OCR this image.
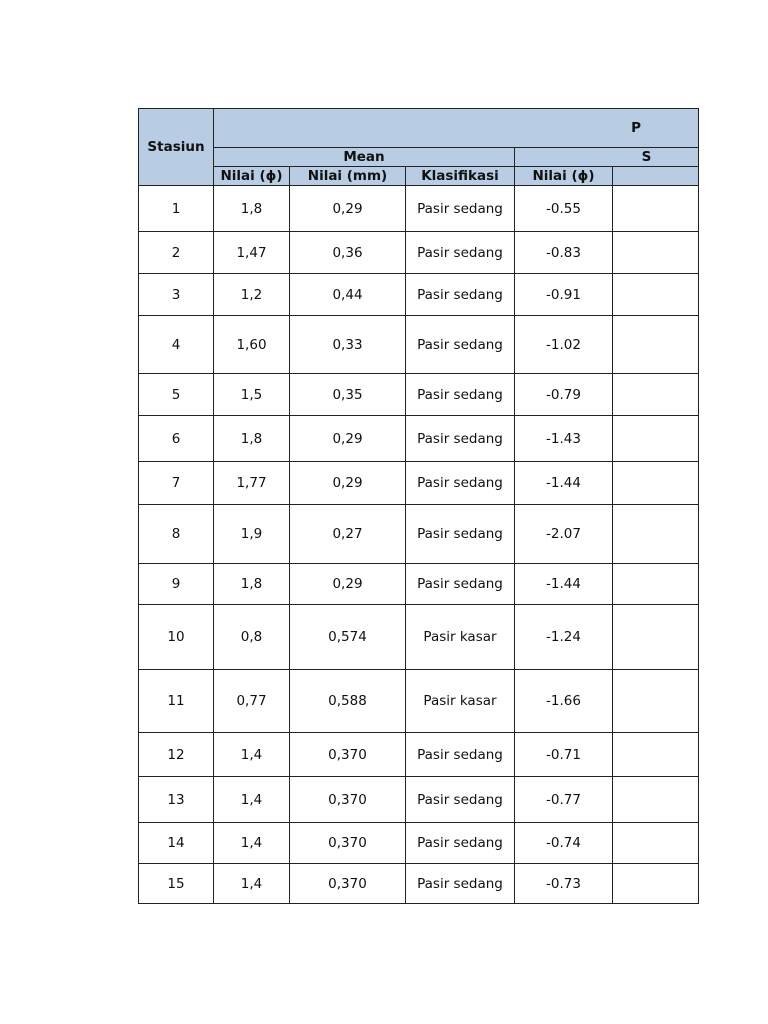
Stasiun	P				
	Mean			S	
	Nilai (ϕ)	Nilai (mm)	Klasifikasi	Nilai (ϕ)	
1	1,8	0,29	Pasir sedang	-0.55	
2	1,47	0,36	Pasir sedang	-0.83	
3	1,2	0,44	Pasir sedang	-0.91	
4	1,60	0,33	Pasir sedang	-1.02	
5	1,5	0,35	Pasir sedang	-0.79	
6	1,8	0,29	Pasir sedang	-1.43	
7	1,77	0,29	Pasir sedang	-1.44	
8	1,9	0,27	Pasir sedang	-2.07	
9	1,8	0,29	Pasir sedang	-1.44	
10	0,8	0,574	Pasir kasar	-1.24	
11	0,77	0,588	Pasir kasar	-1.66	
12	1,4	0,370	Pasir sedang	-0.71	
13	1,4	0,370	Pasir sedang	-0.77	
14	1,4	0,370	Pasir sedang	-0.74	
15	1,4	0,370	Pasir sedang	-0.73	
